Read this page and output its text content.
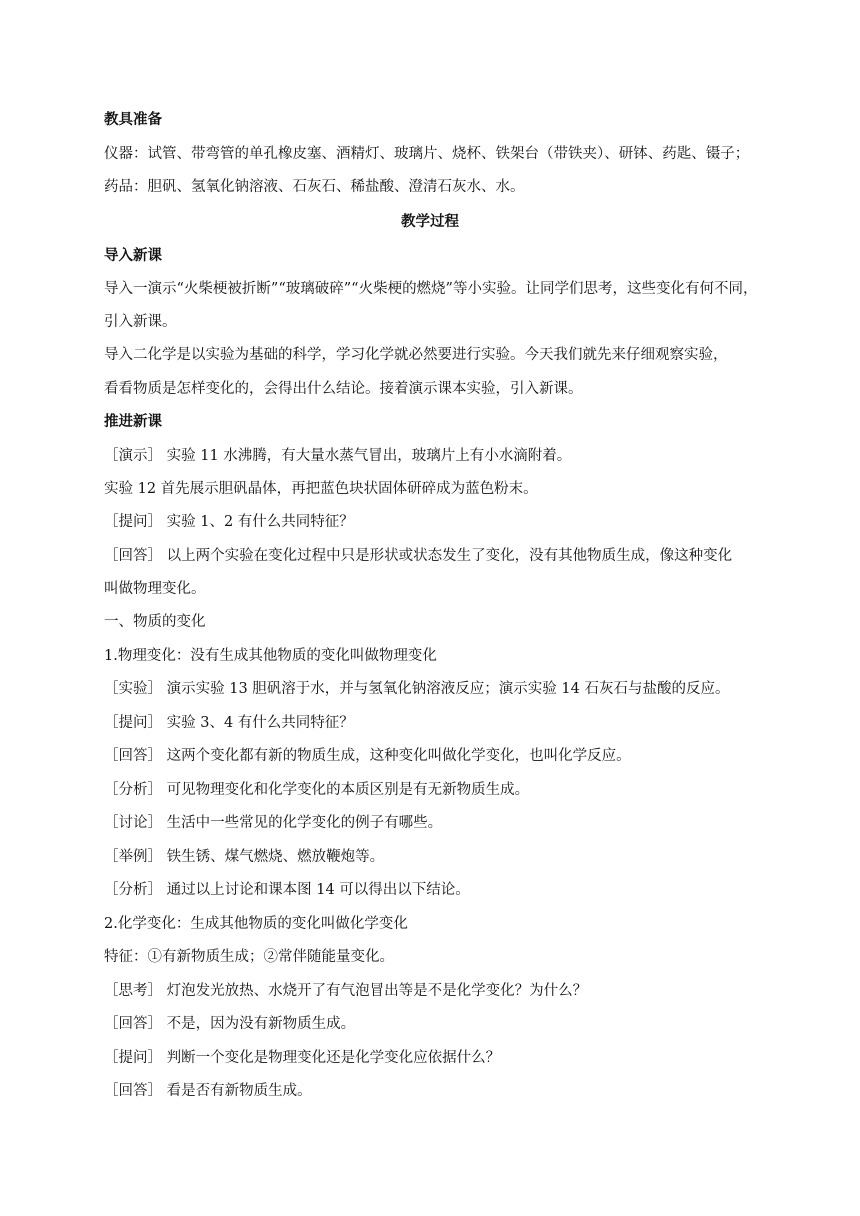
教具准备
仪器：试管、带弯管的单孔橡皮塞、酒精灯、玻璃片、烧杯、铁架台（带铁夹）、研钵、药匙、镊子；
药品：胆矾、氢氧化钠溶液、石灰石、稀盐酸、澄清石灰水、水。
教学过程
导入新课
导入一演示“火柴梗被折断”“玻璃破碎”“火柴梗的燃烧”等小实验。让同学们思考，这些变化有何不同，
引入新课。
导入二化学是以实验为基础的科学，学习化学就必然要进行实验。今天我们就先来仔细观察实验，
看看物质是怎样变化的，会得出什么结论。接着演示课本实验，引入新课。
推进新课
［演示］ 实验 11 水沸腾，有大量水蒸气冒出，玻璃片上有小水滴附着。
实验 12 首先展示胆矾晶体，再把蓝色块状固体研碎成为蓝色粉末。
［提问］ 实验 1、2 有什么共同特征？
［回答］ 以上两个实验在变化过程中只是形状或状态发生了变化，没有其他物质生成，像这种变化
叫做物理变化。
一、物质的变化
1.物理变化：没有生成其他物质的变化叫做物理变化
［实验］ 演示实验 13 胆矾溶于水，并与氢氧化钠溶液反应；演示实验 14 石灰石与盐酸的反应。
［提问］ 实验 3、4 有什么共同特征？
［回答］ 这两个变化都有新的物质生成，这种变化叫做化学变化，也叫化学反应。
［分析］ 可见物理变化和化学变化的本质区别是有无新物质生成。
［讨论］ 生活中一些常见的化学变化的例子有哪些。
［举例］ 铁生锈、煤气燃烧、燃放鞭炮等。
［分析］ 通过以上讨论和课本图 14 可以得出以下结论。
2.化学变化：生成其他物质的变化叫做化学变化
特征：①有新物质生成；②常伴随能量变化。
［思考］ 灯泡发光放热、水烧开了有气泡冒出等是不是化学变化？为什么？
［回答］ 不是，因为没有新物质生成。
［提问］ 判断一个变化是物理变化还是化学变化应依据什么？
［回答］ 看是否有新物质生成。
